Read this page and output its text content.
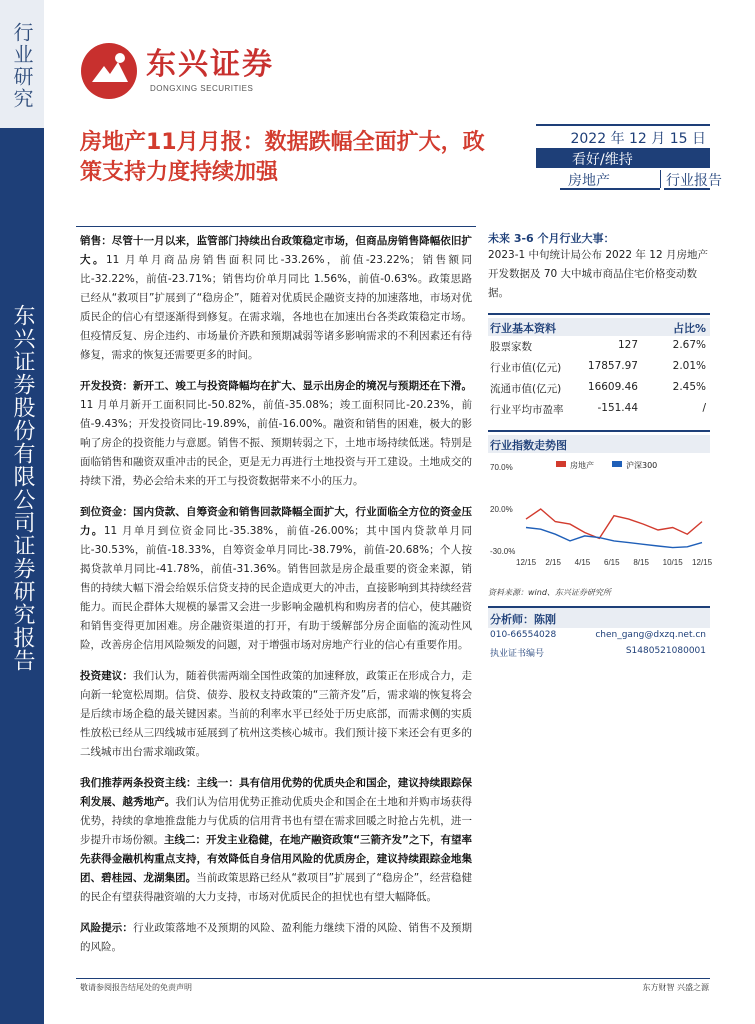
行业研究
东兴证券股份有限公司证券研究报告
东兴证券
DONGXING SECURITIES
房地产11月月报：数据跌幅全面扩大，政策支持力度持续加强
2022 年 12 月 15 日
看好/维持
房地产	行业报告

销售：尽管十一月以来，监管部门持续出台政策稳定市场，但商品房销售降幅依旧扩大。11 月单月商品房销售面积同比-33.26%，前值-23.22%；销售额同比-32.22%，前值-23.71%；销售均价单月同比 1.56%，前值-0.63%。政策思路已经从“救项目”扩展到了“稳房企”，随着对优质民企融资支持的加速落地，市场对优质民企的信心有望逐渐得到修复。在需求端，各地也在加速出台各类政策稳定市场。但疫情反复、房企违约、市场量价齐跌和预期减弱等诸多影响需求的不利因素还有待修复，需求的恢复还需要更多的时间。

开发投资：新开工、竣工与投资降幅均在扩大、显示出房企的境况与预期还在下滑。11 月单月新开工面积同比-50.82%，前值-35.08%；竣工面积同比-20.23%，前值-9.43%；开发投资同比-19.89%，前值-16.00%。融资和销售的困难，极大的影响了房企的投资能力与意愿。销售不振、预期转弱之下，土地市场持续低迷。特别是面临销售和融资双重冲击的民企，更是无力再进行土地投资与开工建设。土地成交的持续下滑，势必会给未来的开工与投资数据带来不小的压力。

到位资金：国内贷款、自筹资金和销售回款降幅全面扩大，行业面临全方位的资金压力。11 月单月到位资金同比-35.38%，前值-26.00%；其中国内贷款单月同比-30.53%，前值-18.33%，自筹资金单月同比-38.79%，前值-20.68%；个人按揭贷款单月同比-41.78%，前值-31.36%。销售回款是房企最重要的资金来源，销售的持续大幅下滑会给娱乐信贷支持的民企造成更大的冲击，直接影响到其持续经营能力。而民企群体大规模的暴雷又会进一步影响金融机构和购房者的信心，使其融资和销售变得更加困难。房企融资渠道的打开，有助于缓解部分房企面临的流动性风险，改善房企信用风险频发的问题，对于增强市场对房地产行业的信心有重要作用。

投资建议：我们认为，随着供需两端全国性政策的加速释放，政策正在形成合力，走向新一轮宽松周期。信贷、债券、股权支持政策的“三箭齐发”后，需求端的恢复将会是后续市场企稳的最关键因素。当前的利率水平已经处于历史底部，而需求侧的实质性放松已经从三四线城市延展到了杭州这类核心城市。我们预计接下来还会有更多的二线城市出台需求端政策。

我们推荐两条投资主线：主线一：具有信用优势的优质央企和国企，建议持续跟踪保利发展、越秀地产。我们认为信用优势正推动优质央企和国企在土地和并购市场获得优势，持续的拿地推盘能力与优质的信用背书也有望在需求回暖之时抢占先机，进一步提升市场份额。主线二：开发主业稳健，在地产融资政策“三箭齐发”之下，有望率先获得金融机构重点支持，有效降低自身信用风险的优质房企，建议持续跟踪金地集团、碧桂园、龙湖集团。当前政策思路已经从“救项目”扩展到了“稳房企”，经营稳健的民企有望获得融资端的大力支持，市场对优质民企的担忧也有望大幅降低。

风险提示：行业政策落地不及预期的风险、盈利能力继续下滑的风险、销售不及预期的风险。

未来 3-6 个月行业大事：
2023-1 中旬统计局公布 2022 年 12 月房地产开发数据及 70 大中城市商品住宅价格变动数据。
行业基本资料	占比%
股票家数	127	2.67%
行业市值(亿元)	17857.97	2.01%
流通市值(亿元)	16609.46	2.45%
行业平均市盈率	-151.44	/
行业指数走势图
70.0%
20.0%
-30.0%
12/15 2/15 4/15 6/15 8/15 10/15 12/15
房地产	沪深300
资料来源：wind、东兴证券研究所
分析师：陈刚
010-66554028	chen_gang@dxzq.net.cn
执业证书编号	S1480521080001
敬请参阅报告结尾处的免责声明	东方财智 兴盛之源
